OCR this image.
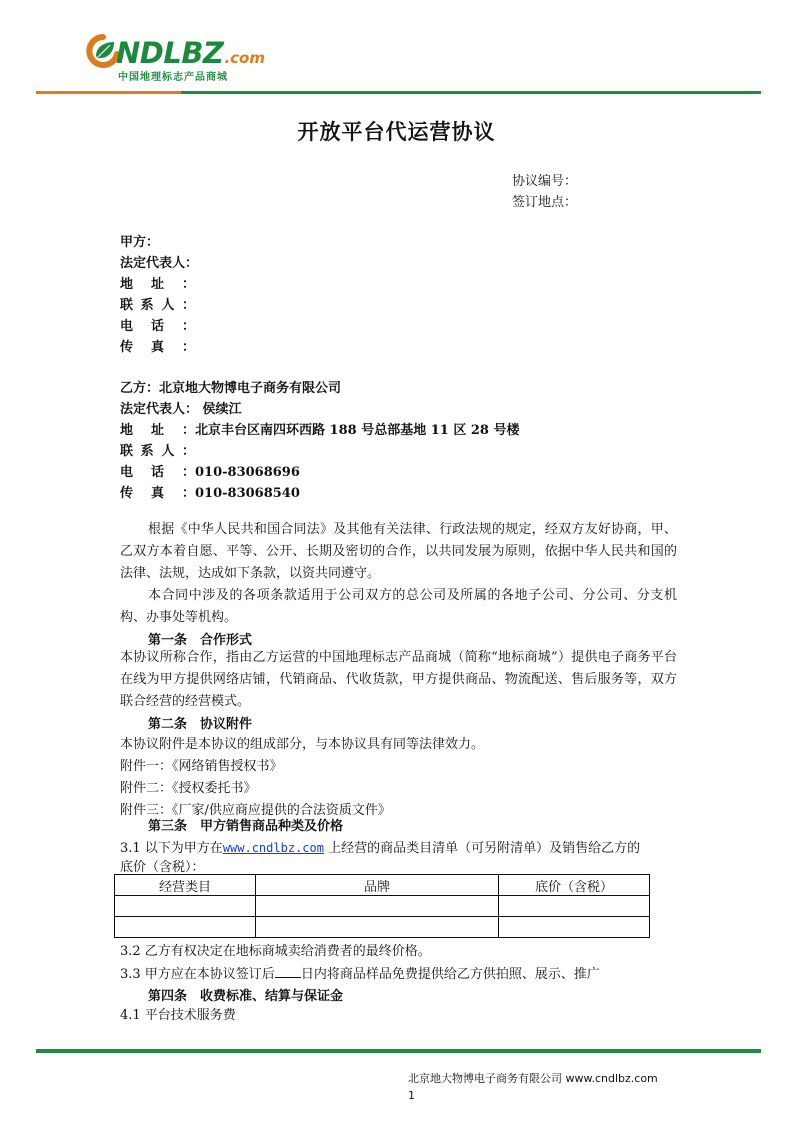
NDLBZ .com
中国地理标志产品商城
开放平台代运营协议
协议编号：
签订地点：
甲方：
法定代表人：
地址：
联系人：
电话：
传真：
乙方：北京地大物博电子商务有限公司
法定代表人： 侯续江
地址：北京丰台区南四环西路 188 号总部基地 11 区 28 号楼
联系人：
电话：010-83068696
传真：010-83068540
根据《中华人民共和国合同法》及其他有关法律、行政法规的规定，经双方友好协商，甲、乙双方本着自愿、平等、公开、长期及密切的合作，以共同发展为原则，依据中华人民共和国的法律、法规，达成如下条款，以资共同遵守。
本合同中涉及的各项条款适用于公司双方的总公司及所属的各地子公司、分公司、分支机构、办事处等机构。
第一条　合作形式
本协议所称合作，指由乙方运营的中国地理标志产品商城（简称“地标商城”）提供电子商务平台在线为甲方提供网络店铺，代销商品、代收货款，甲方提供商品、物流配送、售后服务等，双方联合经营的经营模式。
第二条　协议附件
本协议附件是本协议的组成部分，与本协议具有同等法律效力。
附件一：《网络销售授权书》
附件二：《授权委托书》
附件三：《厂家/供应商应提供的合法资质文件》
第三条　甲方销售商品种类及价格
3.1 以下为甲方在www.cndlbz.com 上经营的商品类目清单（可另附清单）及销售给乙方的
底价（含税）：
经营类目	品牌	底价（含税）

3.2 乙方有权决定在地标商城卖给消费者的最终价格。
3.3 甲方应在本协议签订后 日内将商品样品免费提供给乙方供拍照、展示、推广
第四条　收费标准、结算与保证金
4.1 平台技术服务费
北京地大物博电子商务有限公司 www.cndlbz.com
1
